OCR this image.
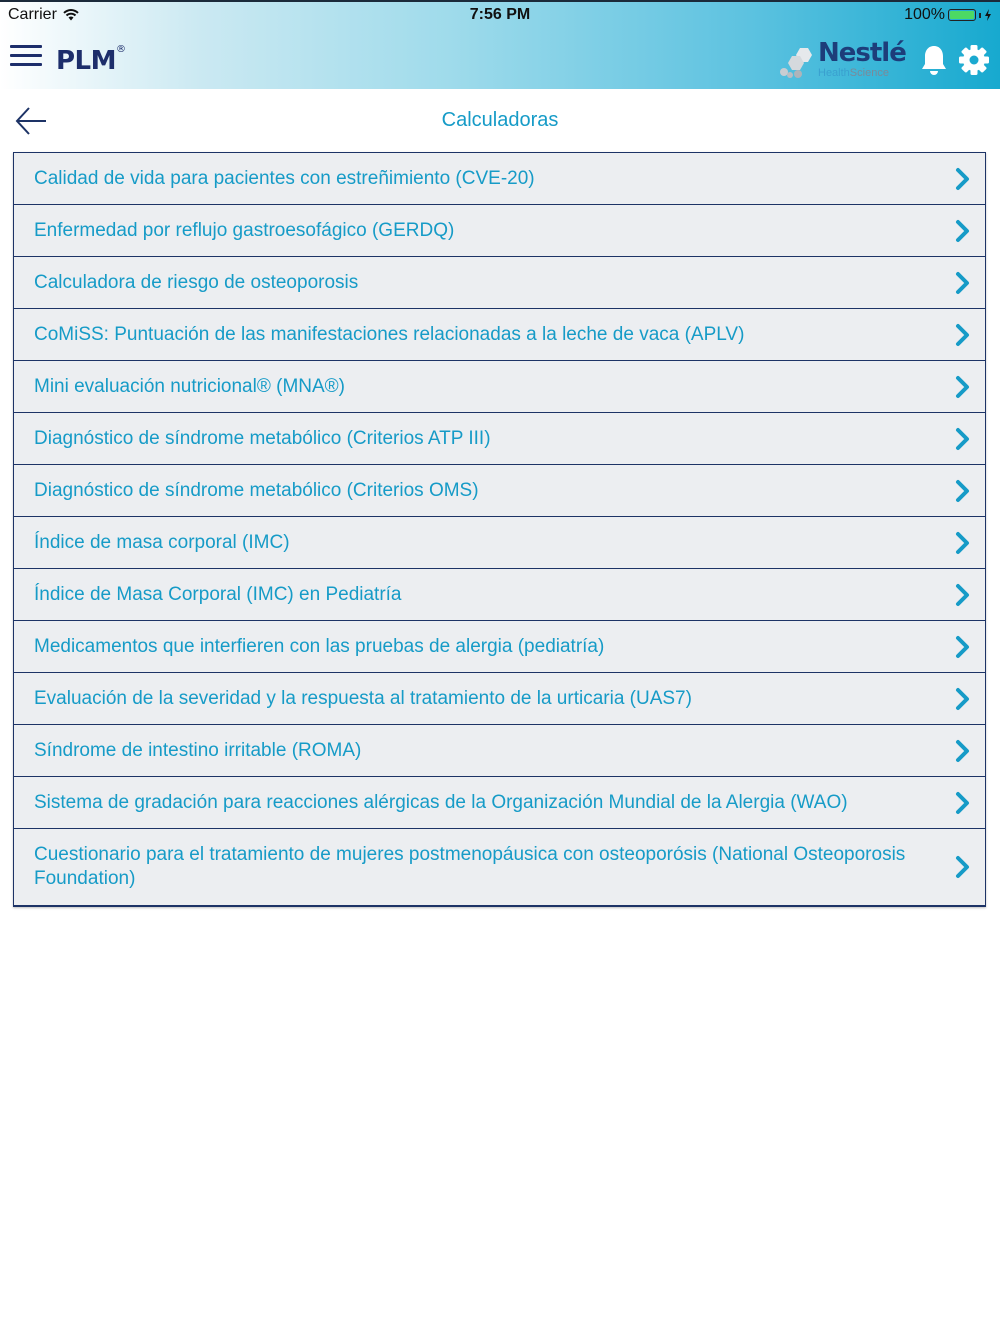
Carrier	7:56 PM	100%
PLM®	Nestlé
HealthScience
Calculadoras
Calidad de vida para pacientes con estreñimiento (CVE-20)
Enfermedad por reflujo gastroesofágico (GERDQ)
Calculadora de riesgo de osteoporosis
CoMiSS: Puntuación de las manifestaciones relacionadas a la leche de vaca (APLV)
Mini evaluación nutricional® (MNA®)
Diagnóstico de síndrome metabólico (Criterios ATP III)
Diagnóstico de síndrome metabólico (Criterios OMS)
Índice de masa corporal (IMC)
Índice de Masa Corporal (IMC) en Pediatría
Medicamentos que interfieren con las pruebas de alergia (pediatría)
Evaluación de la severidad y la respuesta al tratamiento de la urticaria (UAS7)
Síndrome de intestino irritable (ROMA)
Sistema de gradación para reacciones alérgicas de la Organización Mundial de la Alergia (WAO)
Cuestionario para el tratamiento de mujeres postmenopáusica con osteoporósis (National Osteoporosis Foundation)
